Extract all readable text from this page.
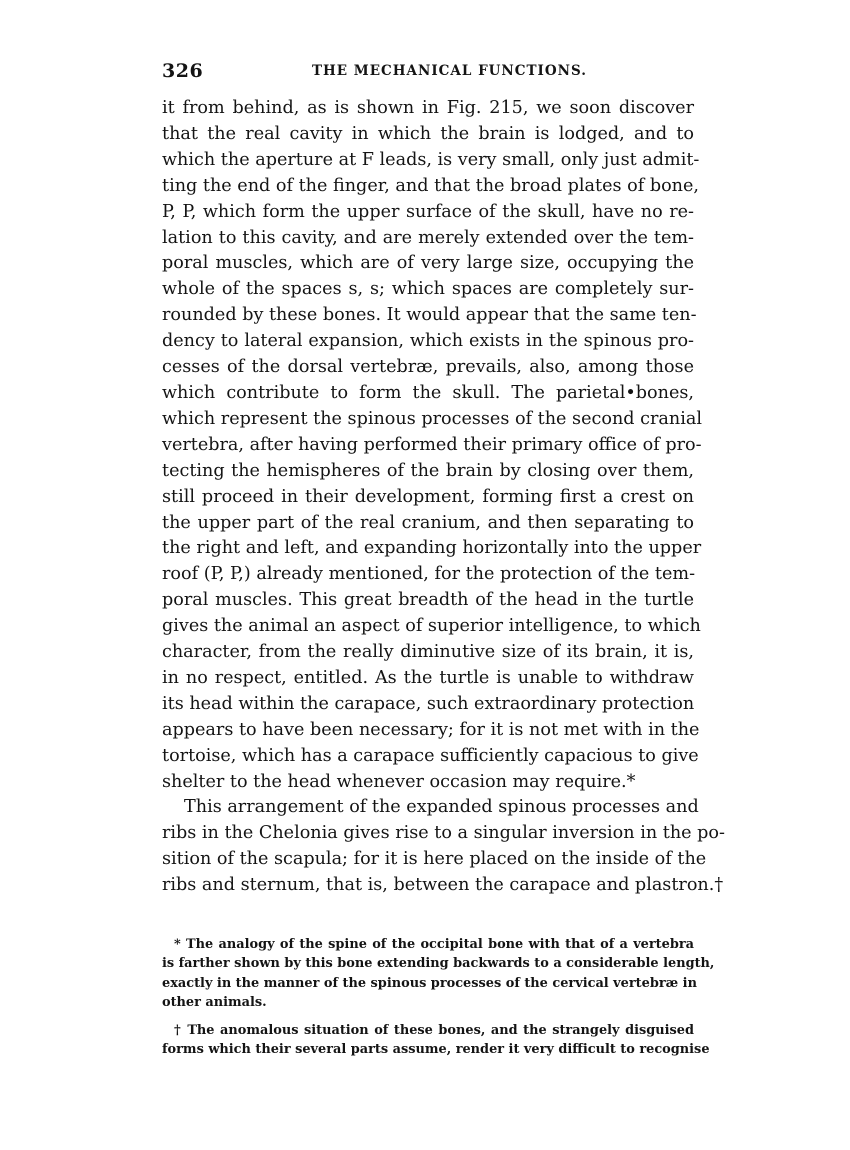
326	THE MECHANICAL FUNCTIONS.
it from behind, as is shown in Fig. 215, we soon discover
that the real cavity in which the brain is lodged, and to
which the aperture at F leads, is very small, only just admit-
ting the end of the finger, and that the broad plates of bone,
P, P, which form the upper surface of the skull, have no re-
lation to this cavity, and are merely extended over the tem-
poral muscles, which are of very large size, occupying the
whole of the spaces s, s; which spaces are completely sur-
rounded by these bones. It would appear that the same ten-
dency to lateral expansion, which exists in the spinous pro-
cesses of the dorsal vertebræ, prevails, also, among those
which contribute to form the skull. The parietal•bones,
which represent the spinous processes of the second cranial
vertebra, after having performed their primary office of pro-
tecting the hemispheres of the brain by closing over them,
still proceed in their development, forming first a crest on
the upper part of the real cranium, and then separating to
the right and left, and expanding horizontally into the upper
roof (P, P,) already mentioned, for the protection of the tem-
poral muscles. This great breadth of the head in the turtle
gives the animal an aspect of superior intelligence, to which
character, from the really diminutive size of its brain, it is,
in no respect, entitled. As the turtle is unable to withdraw
its head within the carapace, such extraordinary protection
appears to have been necessary; for it is not met with in the
tortoise, which has a carapace sufficiently capacious to give
shelter to the head whenever occasion may require.*
This arrangement of the expanded spinous processes and
ribs in the Chelonia gives rise to a singular inversion in the po-
sition of the scapula; for it is here placed on the inside of the
ribs and sternum, that is, between the carapace and plastron.†
* The analogy of the spine of the occipital bone with that of a vertebra
is farther shown by this bone extending backwards to a considerable length,
exactly in the manner of the spinous processes of the cervical vertebræ in
other animals.
† The anomalous situation of these bones, and the strangely disguised
forms which their several parts assume, render it very difficult to recognise
